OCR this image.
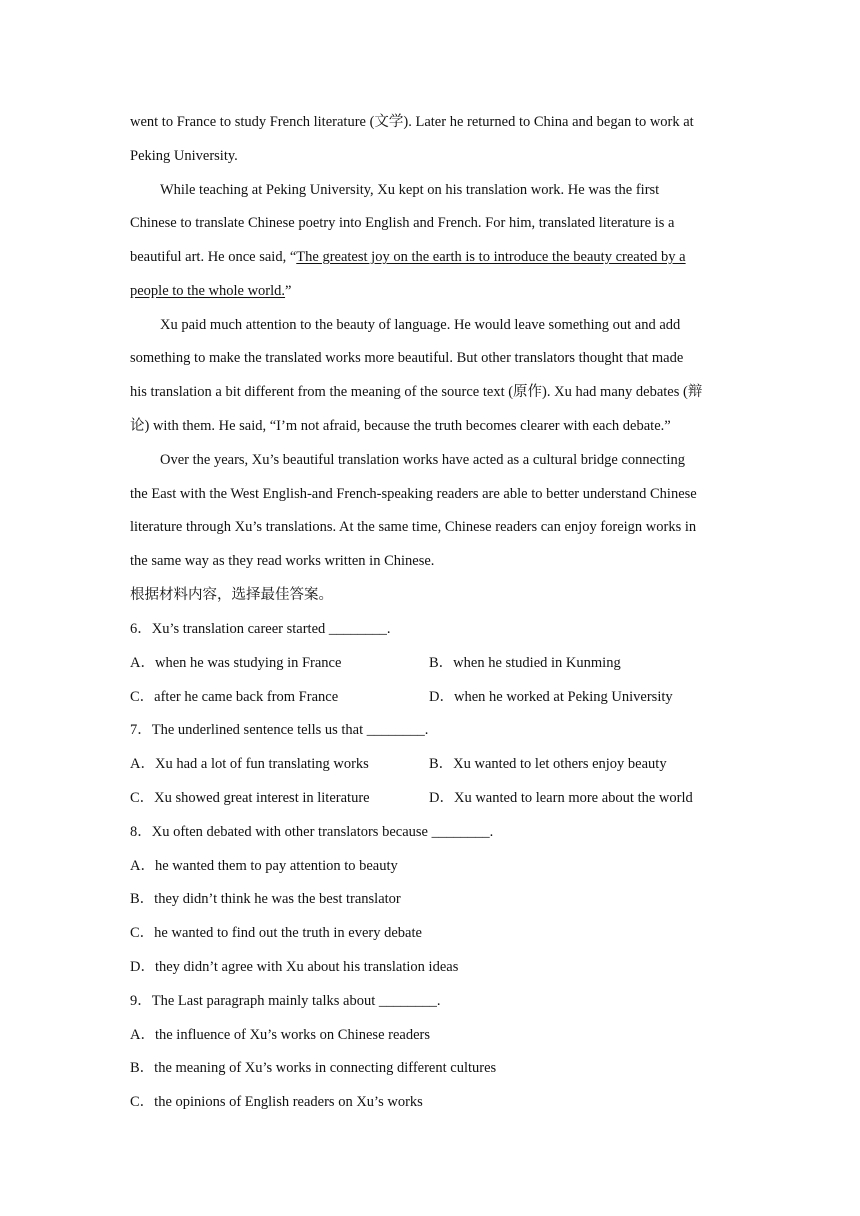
went to France to study French literature (文学). Later he returned to China and began to work at
Peking University.
While teaching at Peking University, Xu kept on his translation work. He was the first
Chinese to translate Chinese poetry into English and French. For him, translated literature is a
beautiful art. He once said, “The greatest joy on the earth is to introduce the beauty created by a
people to the whole world.”
Xu paid much attention to the beauty of language. He would leave something out and add
something to make the translated works more beautiful. But other translators thought that made
his translation a bit different from the meaning of the source text (原作). Xu had many debates (辩
论) with them. He said, “I’m not afraid, because the truth becomes clearer with each debate.”
Over the years, Xu’s beautiful translation works have acted as a cultural bridge connecting
the East with the West English-and French-speaking readers are able to better understand Chinese
literature through Xu’s translations. At the same time, Chinese readers can enjoy foreign works in
the same way as they read works written in Chinese.
根据材料内容，选择最佳答案。
6．Xu’s translation career started ________.
A．when he was studying in France	B．when he studied in Kunming
C．after he came back from France	D．when he worked at Peking University
7．The underlined sentence tells us that ________.
A．Xu had a lot of fun translating works	B．Xu wanted to let others enjoy beauty
C．Xu showed great interest in literature	D．Xu wanted to learn more about the world
8．Xu often debated with other translators because ________.
A．he wanted them to pay attention to beauty
B．they didn’t think he was the best translator
C．he wanted to find out the truth in every debate
D．they didn’t agree with Xu about his translation ideas
9．The Last paragraph mainly talks about ________.
A．the influence of Xu’s works on Chinese readers
B．the meaning of Xu’s works in connecting different cultures
C．the opinions of English readers on Xu’s works
